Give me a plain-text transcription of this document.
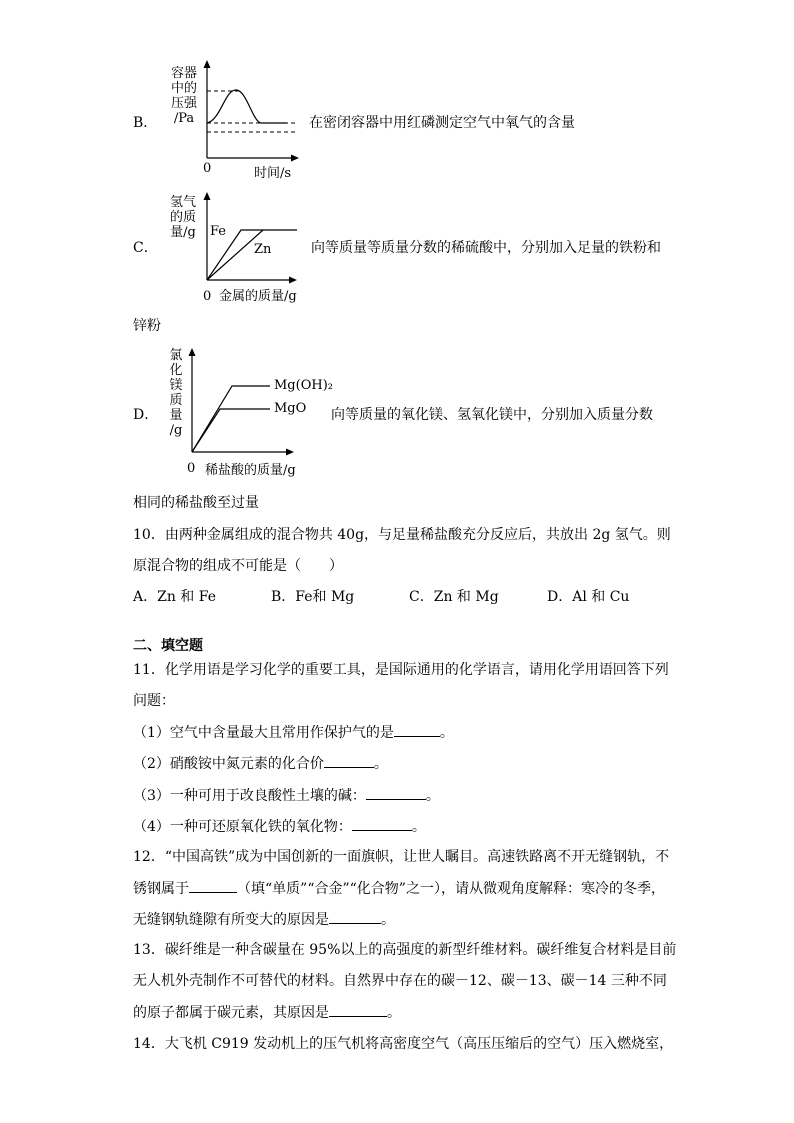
B．
容器
中的
压强
/Pa
0	时间/s
在密闭容器中用红磷测定空气中氧气的含量
C．
氢气
的质
量/g	Fe
Zn
0 金属的质量/g
向等质量等质量分数的稀硫酸中，分别加入足量的铁粉和
锌粉
D．
氯
化
镁
质
量
/g
Mg(OH)₂
MgO
0 稀盐酸的质量/g
向等质量的氧化镁、氢氧化镁中，分别加入质量分数
相同的稀盐酸至过量
10．由两种金属组成的混合物共 40g，与足量稀盐酸充分反应后，共放出 2g 氢气。则
原混合物的组成不可能是（　　）
A．Zn 和 Fe	B．Fe和 Mg	C．Zn 和 Mg	D．Al 和 Cu
二、填空题
11．化学用语是学习化学的重要工具，是国际通用的化学语言，请用化学用语回答下列
问题：
（1）空气中含量最大且常用作保护气的是	。
（2）硝酸铵中氮元素的化合价	。
（3）一种可用于改良酸性土壤的碱：	。
（4）一种可还原氧化铁的氧化物：	。
12．“中国高铁”成为中国创新的一面旗帜，让世人瞩目。高速铁路离不开无缝钢轨，不
锈钢属于	（填“单质”“合金”“化合物”之一），请从微观角度解释：寒冷的冬季，
无缝钢轨缝隙有所变大的原因是	。
13．碳纤维是一种含碳量在 95%以上的高强度的新型纤维材料。碳纤维复合材料是目前
无人机外壳制作不可替代的材料。自然界中存在的碳－12、碳－13、碳－14 三种不同
的原子都属于碳元素，其原因是	。
14．大飞机 C919 发动机上的压气机将高密度空气（高压压缩后的空气）压入燃烧室，
